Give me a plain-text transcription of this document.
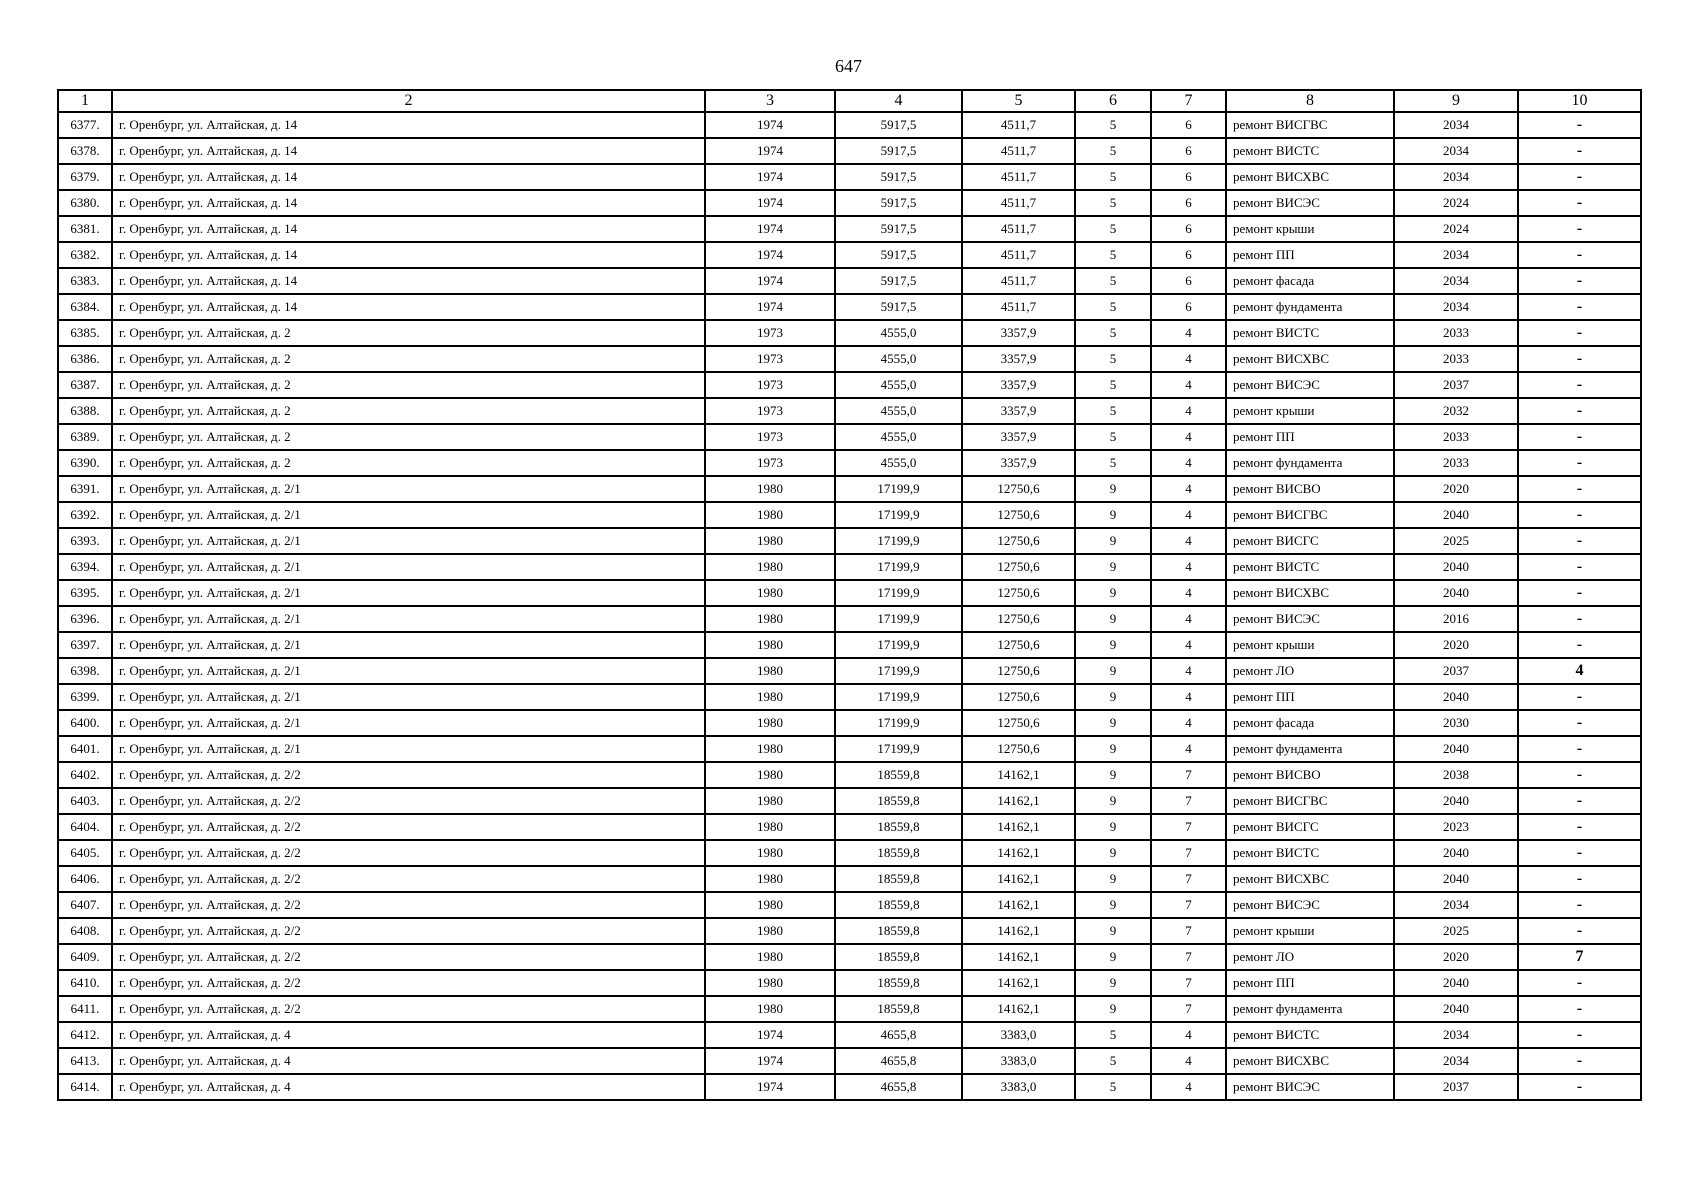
647
1	2	3	4	5	6	7	8	9	10
6377.	г. Оренбург, ул. Алтайская, д. 14	1974	5917,5	4511,7	5	6	ремонт ВИСГВС	2034	-
6378.	г. Оренбург, ул. Алтайская, д. 14	1974	5917,5	4511,7	5	6	ремонт ВИСТС	2034	-
6379.	г. Оренбург, ул. Алтайская, д. 14	1974	5917,5	4511,7	5	6	ремонт ВИСХВС	2034	-
6380.	г. Оренбург, ул. Алтайская, д. 14	1974	5917,5	4511,7	5	6	ремонт ВИСЭС	2024	-
6381.	г. Оренбург, ул. Алтайская, д. 14	1974	5917,5	4511,7	5	6	ремонт крыши	2024	-
6382.	г. Оренбург, ул. Алтайская, д. 14	1974	5917,5	4511,7	5	6	ремонт ПП	2034	-
6383.	г. Оренбург, ул. Алтайская, д. 14	1974	5917,5	4511,7	5	6	ремонт фасада	2034	-
6384.	г. Оренбург, ул. Алтайская, д. 14	1974	5917,5	4511,7	5	6	ремонт фундамента	2034	-
6385.	г. Оренбург, ул. Алтайская, д. 2	1973	4555,0	3357,9	5	4	ремонт ВИСТС	2033	-
6386.	г. Оренбург, ул. Алтайская, д. 2	1973	4555,0	3357,9	5	4	ремонт ВИСХВС	2033	-
6387.	г. Оренбург, ул. Алтайская, д. 2	1973	4555,0	3357,9	5	4	ремонт ВИСЭС	2037	-
6388.	г. Оренбург, ул. Алтайская, д. 2	1973	4555,0	3357,9	5	4	ремонт крыши	2032	-
6389.	г. Оренбург, ул. Алтайская, д. 2	1973	4555,0	3357,9	5	4	ремонт ПП	2033	-
6390.	г. Оренбург, ул. Алтайская, д. 2	1973	4555,0	3357,9	5	4	ремонт фундамента	2033	-
6391.	г. Оренбург, ул. Алтайская, д. 2/1	1980	17199,9	12750,6	9	4	ремонт ВИСВО	2020	-
6392.	г. Оренбург, ул. Алтайская, д. 2/1	1980	17199,9	12750,6	9	4	ремонт ВИСГВС	2040	-
6393.	г. Оренбург, ул. Алтайская, д. 2/1	1980	17199,9	12750,6	9	4	ремонт ВИСГС	2025	-
6394.	г. Оренбург, ул. Алтайская, д. 2/1	1980	17199,9	12750,6	9	4	ремонт ВИСТС	2040	-
6395.	г. Оренбург, ул. Алтайская, д. 2/1	1980	17199,9	12750,6	9	4	ремонт ВИСХВС	2040	-
6396.	г. Оренбург, ул. Алтайская, д. 2/1	1980	17199,9	12750,6	9	4	ремонт ВИСЭС	2016	-
6397.	г. Оренбург, ул. Алтайская, д. 2/1	1980	17199,9	12750,6	9	4	ремонт крыши	2020	-
6398.	г. Оренбург, ул. Алтайская, д. 2/1	1980	17199,9	12750,6	9	4	ремонт ЛО	2037	4
6399.	г. Оренбург, ул. Алтайская, д. 2/1	1980	17199,9	12750,6	9	4	ремонт ПП	2040	-
6400.	г. Оренбург, ул. Алтайская, д. 2/1	1980	17199,9	12750,6	9	4	ремонт фасада	2030	-
6401.	г. Оренбург, ул. Алтайская, д. 2/1	1980	17199,9	12750,6	9	4	ремонт фундамента	2040	-
6402.	г. Оренбург, ул. Алтайская, д. 2/2	1980	18559,8	14162,1	9	7	ремонт ВИСВО	2038	-
6403.	г. Оренбург, ул. Алтайская, д. 2/2	1980	18559,8	14162,1	9	7	ремонт ВИСГВС	2040	-
6404.	г. Оренбург, ул. Алтайская, д. 2/2	1980	18559,8	14162,1	9	7	ремонт ВИСГС	2023	-
6405.	г. Оренбург, ул. Алтайская, д. 2/2	1980	18559,8	14162,1	9	7	ремонт ВИСТС	2040	-
6406.	г. Оренбург, ул. Алтайская, д. 2/2	1980	18559,8	14162,1	9	7	ремонт ВИСХВС	2040	-
6407.	г. Оренбург, ул. Алтайская, д. 2/2	1980	18559,8	14162,1	9	7	ремонт ВИСЭС	2034	-
6408.	г. Оренбург, ул. Алтайская, д. 2/2	1980	18559,8	14162,1	9	7	ремонт крыши	2025	-
6409.	г. Оренбург, ул. Алтайская, д. 2/2	1980	18559,8	14162,1	9	7	ремонт ЛО	2020	7
6410.	г. Оренбург, ул. Алтайская, д. 2/2	1980	18559,8	14162,1	9	7	ремонт ПП	2040	-
6411.	г. Оренбург, ул. Алтайская, д. 2/2	1980	18559,8	14162,1	9	7	ремонт фундамента	2040	-
6412.	г. Оренбург, ул. Алтайская, д. 4	1974	4655,8	3383,0	5	4	ремонт ВИСТС	2034	-
6413.	г. Оренбург, ул. Алтайская, д. 4	1974	4655,8	3383,0	5	4	ремонт ВИСХВС	2034	-
6414.	г. Оренбург, ул. Алтайская, д. 4	1974	4655,8	3383,0	5	4	ремонт ВИСЭС	2037	-
